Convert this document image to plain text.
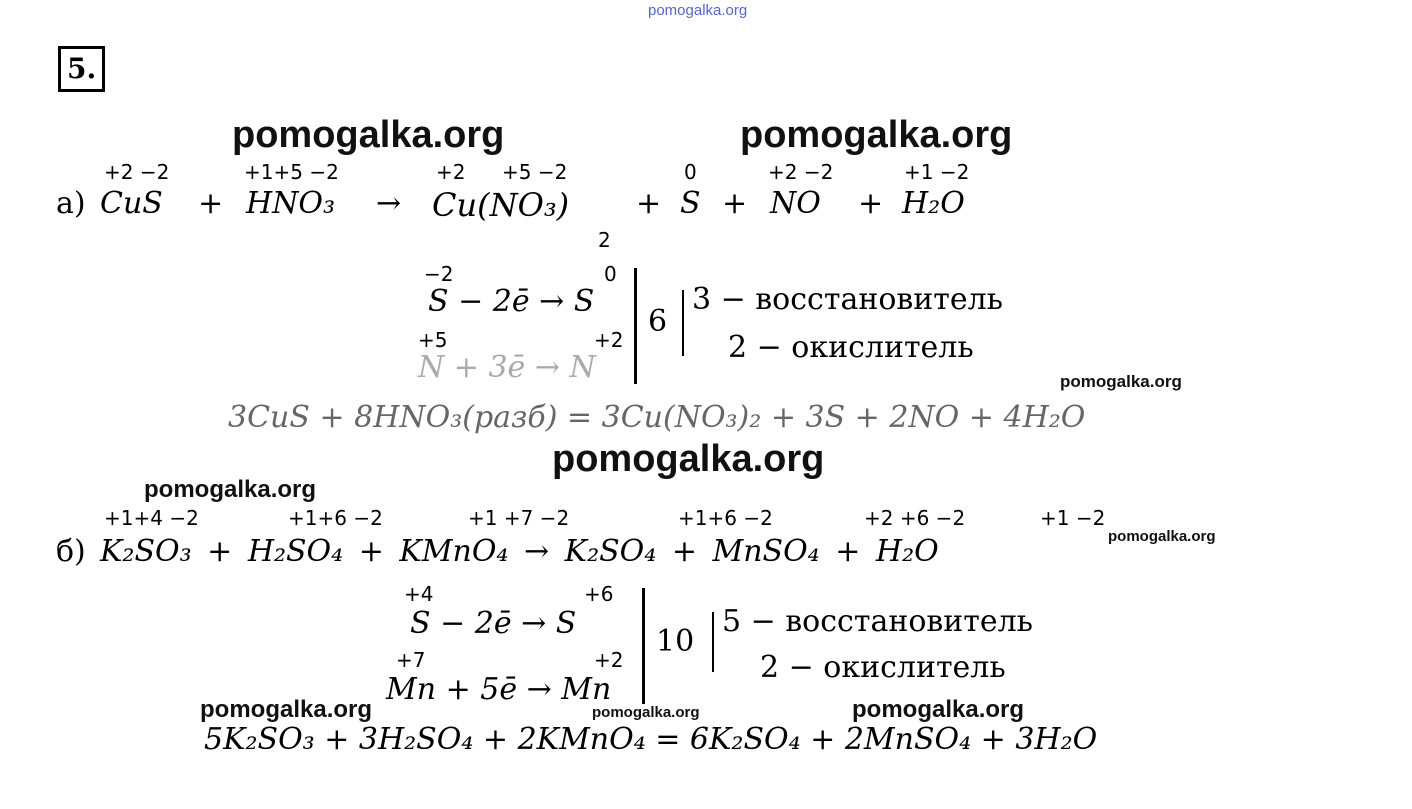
pomogalka.org
5.
pomogalka.org	pomogalka.org
+2 −2	+1+5 −2	+2 +5 −2	0	+2 −2	+1 −2
а) CuS + HNO₃ → Cu(NO₃)
2
+ S + NO + H₂O
−2	0
S − 2ē → S
+5	+2
N + 3ē → N
6
3 − восстановитель
2 − окислитель
pomogalka.org
3CuS + 8HNO₃(разб) = 3Cu(NO₃)₂ + 3S + 2NO + 4H₂O
pomogalka.org
pomogalka.org
+1+4 −2	+1+6 −2	+1 +7 −2	+1+6 −2	+2 +6 −2	+1 −2
б) K₂SO₃ + H₂SO₄ + KMnO₄ → K₂SO₄ + MnSO₄ + H₂O	pomogalka.org
+4	+6
S − 2ē → S
+7	+2
Mn + 5ē → Mn
10
5 − восстановитель
2 − окислитель
pomogalka.org	pomogalka.org	pomogalka.org
5K₂SO₃ + 3H₂SO₄ + 2KMnO₄ = 6K₂SO₄ + 2MnSO₄ + 3H₂O
